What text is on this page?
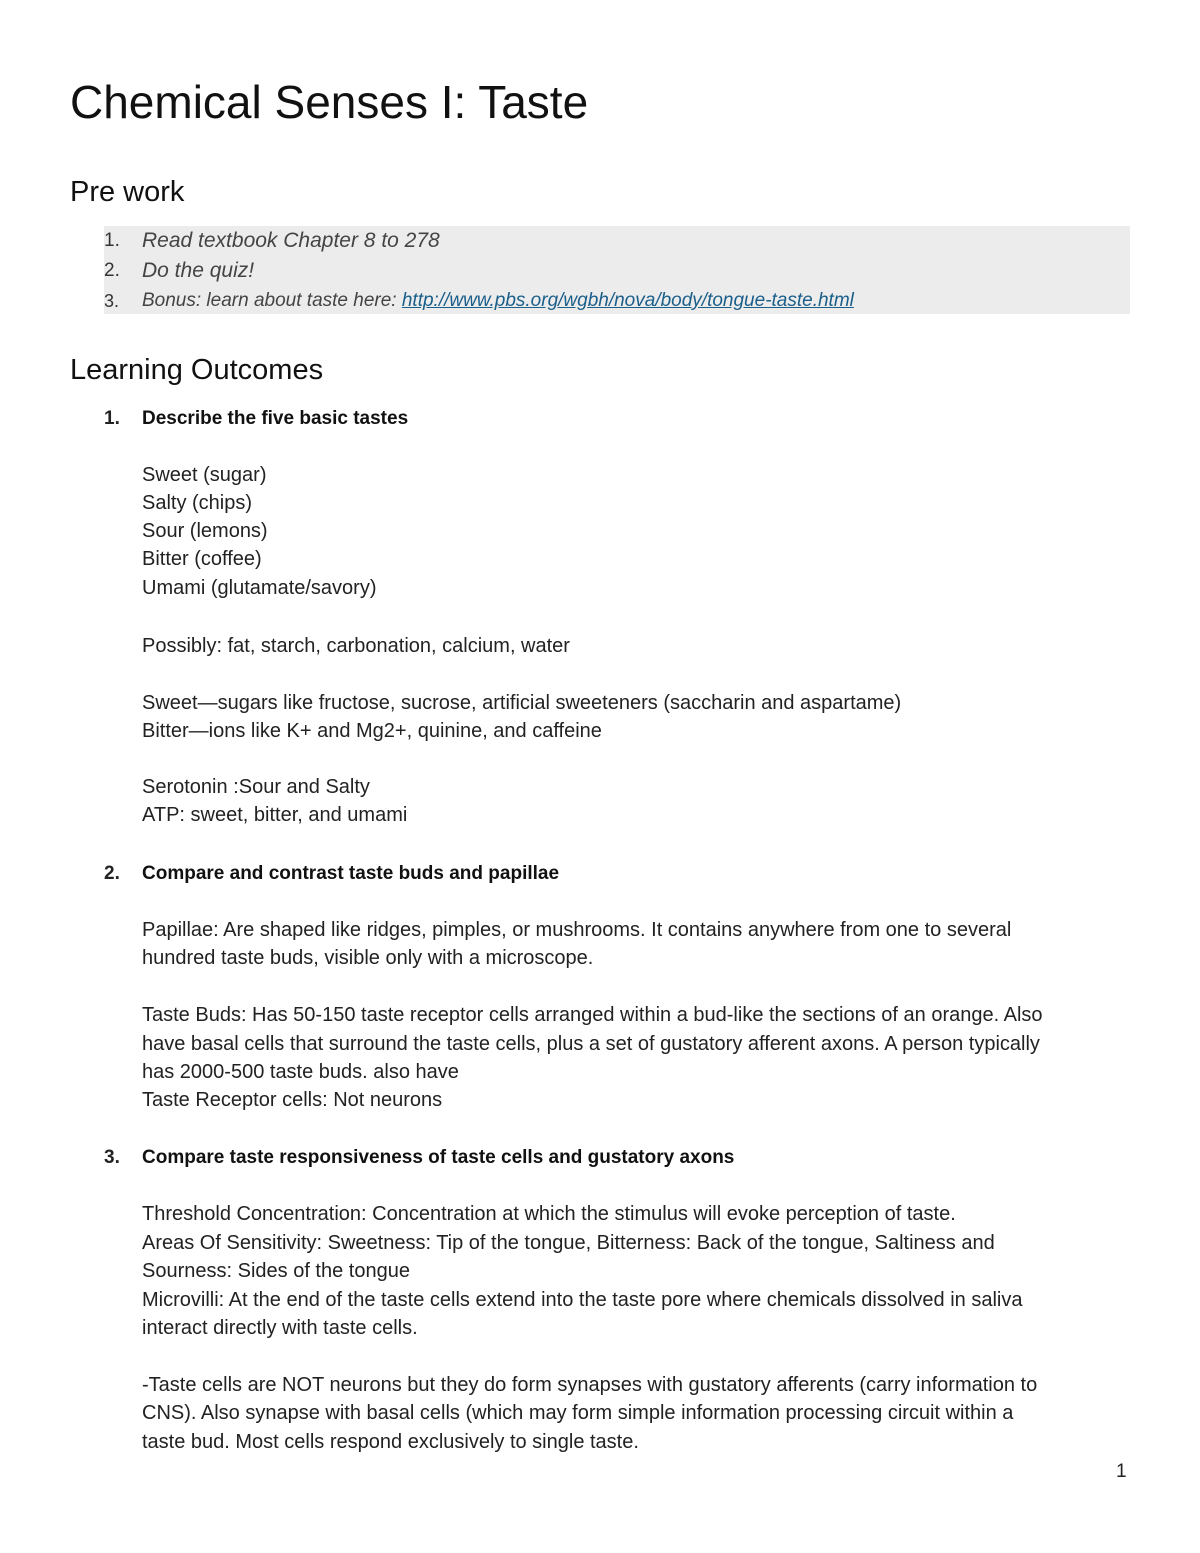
Chemical Senses I: Taste
Pre work
1.	Read textbook Chapter 8 to 278
2.	Do the quiz!
3.	Bonus: learn about taste here: http://www.pbs.org/wgbh/nova/body/tongue-taste.html
Learning Outcomes
1. Describe the five basic tastes
Sweet (sugar)
Salty (chips)
Sour (lemons)
Bitter (coffee)
Umami (glutamate/savory)
Possibly: fat, starch, carbonation, calcium, water
Sweet—sugars like fructose, sucrose, artificial sweeteners (saccharin and aspartame)
Bitter—ions like K+ and Mg2+, quinine, and caffeine
Serotonin :Sour and Salty
ATP: sweet, bitter, and umami
2. Compare and contrast taste buds and papillae
Papillae: Are shaped like ridges, pimples, or mushrooms. It contains anywhere from one to several
hundred taste buds, visible only with a microscope.
Taste Buds: Has 50-150 taste receptor cells arranged within a bud-like the sections of an orange. Also
have basal cells that surround the taste cells, plus a set of gustatory afferent axons. A person typically
has 2000-500 taste buds. also have
Taste Receptor cells: Not neurons
3. Compare taste responsiveness of taste cells and gustatory axons
Threshold Concentration: Concentration at which the stimulus will evoke perception of taste.
Areas Of Sensitivity: Sweetness: Tip of the tongue, Bitterness: Back of the tongue, Saltiness and
Sourness: Sides of the tongue
Microvilli: At the end of the taste cells extend into the taste pore where chemicals dissolved in saliva
interact directly with taste cells.
-Taste cells are NOT neurons but they do form synapses with gustatory afferents (carry information to
CNS). Also synapse with basal cells (which may form simple information processing circuit within a
taste bud. Most cells respond exclusively to single taste.
1
